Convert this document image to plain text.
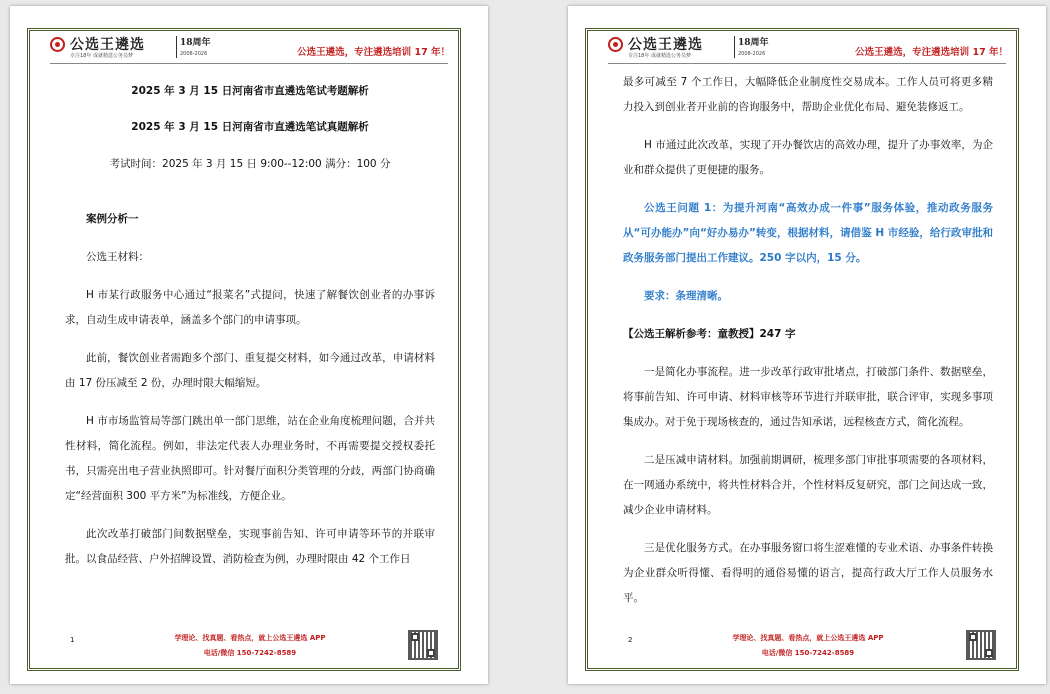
公选王遴选
专注18年 成就精选公务员梦
18周年
2008-2026	公选王遴选，专注遴选培训 17 年！
2025 年 3 月 15 日河南省市直遴选笔试考题解析
2025 年 3 月 15 日河南省市直遴选笔试真题解析
考试时间：2025 年 3 月 15 日 9:00--12:00 满分：100 分
案例分析一
公选王材料：
H 市某行政服务中心通过“报菜名”式提问，快速了解餐饮创业者的办事诉求，自动生成申请表单，涵盖多个部门的申请事项。
此前，餐饮创业者需跑多个部门、重复提交材料，如今通过改革，申请材料由 17 份压减至 2 份，办理时限大幅缩短。
H 市市场监管局等部门跳出单一部门思维，站在企业角度梳理问题，合并共性材料，简化流程。例如，非法定代表人办理业务时，不再需要提交授权委托书，只需亮出电子营业执照即可。针对餐厅面积分类管理的分歧，两部门协商确定“经营面积 300 平方米”为标准线，方便企业。
此次改革打破部门间数据壁垒，实现事前告知、许可申请等环节的并联审批。以食品经营、户外招牌设置、消防检查为例，办理时限由 42 个工作日
1	学理论、找真题、看热点，就上公选王遴选 APP
电话/微信 150-7242-8589
公选王遴选
专注18年 成就精选公务员梦
18周年
2008-2026	公选王遴选，专注遴选培训 17 年！
最多可减至 7 个工作日，大幅降低企业制度性交易成本。工作人员可将更多精力投入到创业者开业前的咨询服务中，帮助企业优化布局、避免装修返工。
H 市通过此次改革，实现了开办餐饮店的高效办理，提升了办事效率，为企业和群众提供了更便捷的服务。
公选王问题 1：为提升河南“高效办成一件事”服务体验，推动政务服务从“可办能办”向“好办易办”转变，根据材料，请借鉴 H 市经验，给行政审批和政务服务部门提出工作建议。250 字以内，15 分。
要求：条理清晰。
【公选王解析参考：童教授】247 字
一是简化办事流程。进一步改革行政审批堵点，打破部门条件、数据壁垒，将事前告知、许可申请、材料审核等环节进行并联审批，联合评审，实现多事项集成办。对于免于现场核查的，通过告知承诺，远程核查方式，简化流程。
二是压减申请材料。加强前期调研，梳理多部门审批事项需要的各项材料，在一网通办系统中，将共性材料合并，个性材料反复研究，部门之间达成一致，减少企业申请材料。
三是优化服务方式。在办事服务窗口将生涩难懂的专业术语、办事条件转换为企业群众听得懂、看得明的通俗易懂的语言，提高行政大厅工作人员服务水平。
2	学理论、找真题、看热点，就上公选王遴选 APP
电话/微信 150-7242-8589
